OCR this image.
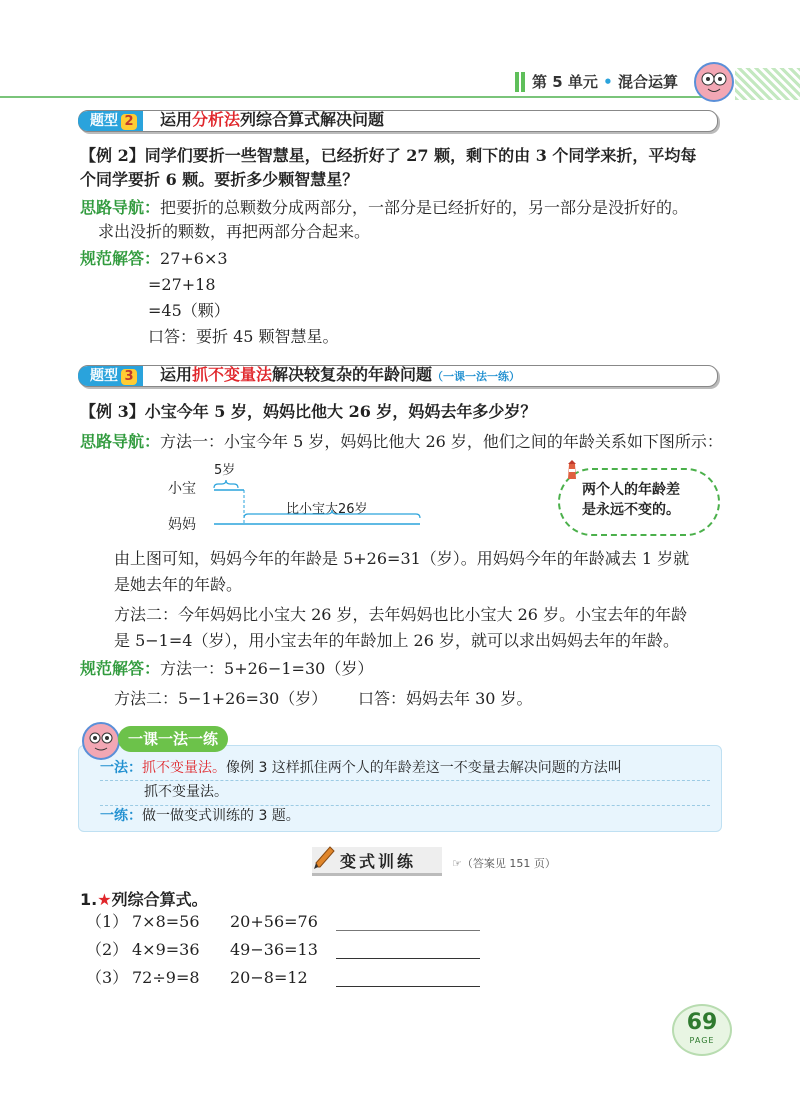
第 5 单元 • 混合运算
题型 2	运用分析法列综合算式解决问题
【例 2】同学们要折一些智慧星，已经折好了 27 颗，剩下的由 3 个同学来折，平均每
个同学要折 6 颗。要折多少颗智慧星？
思路导航：把要折的总颗数分成两部分，一部分是已经折好的，另一部分是没折好的。
求出没折的颗数，再把两部分合起来。
规范解答：27+6×3
=27+18
=45（颗）
口答：要折 45 颗智慧星。
题型 3	运用抓不变量法解决较复杂的年龄问题（一课一法一练）
【例 3】小宝今年 5 岁，妈妈比他大 26 岁，妈妈去年多少岁？
思路导航：方法一：小宝今年 5 岁，妈妈比他大 26 岁，他们之间的年龄关系如下图所示：
小宝
妈妈
5岁
比小宝大26岁
两个人的年龄差
是永远不变的。
由上图可知，妈妈今年的年龄是 5+26=31（岁）。用妈妈今年的年龄减去 1 岁就
是她去年的年龄。
方法二：今年妈妈比小宝大 26 岁，去年妈妈也比小宝大 26 岁。小宝去年的年龄
是 5−1=4（岁），用小宝去年的年龄加上 26 岁，就可以求出妈妈去年的年龄。
规范解答：方法一：5+26−1=30（岁）
方法二：5−1+26=30（岁） 口答：妈妈去年 30 岁。
一课一法一练
一法：抓不变量法。像例 3 这样抓住两个人的年龄差这一不变量去解决问题的方法叫
抓不变量法。
一练：做一做变式训练的 3 题。
变式训练	☞（答案见 151 页）
1.★列综合算式。
（1） 7×8=56 20+56=76
（2） 4×9=36 49−36=13
（3） 72÷9=8 20−8=12
69
PAGE
